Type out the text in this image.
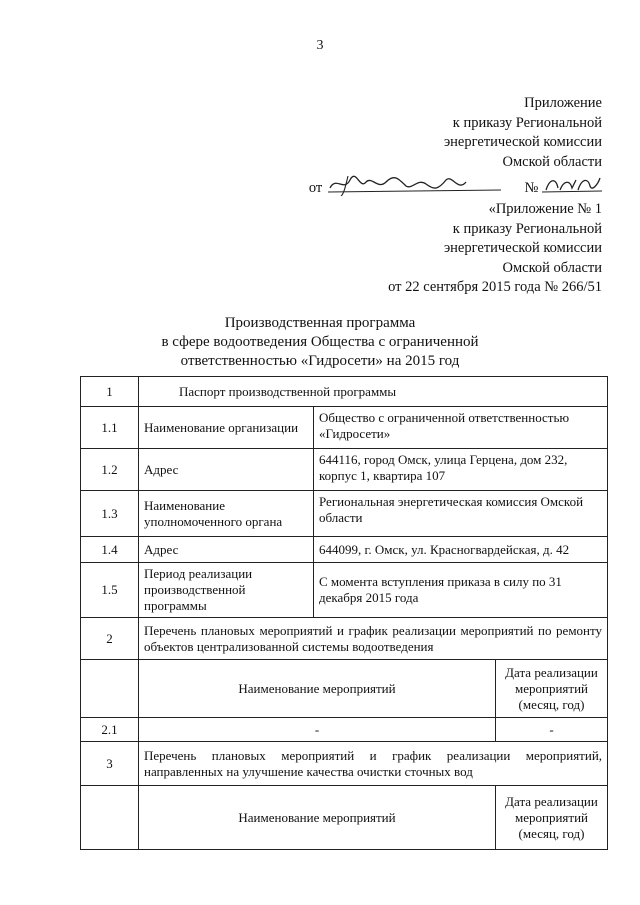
3
Приложение
к приказу Региональной
энергетической комиссии
Омской области
от	№
«Приложение № 1
к приказу Региональной
энергетической комиссии
Омской области
от 22 сентября 2015 года № 266/51
Производственная программа
в сфере водоотведения Общества с ограниченной
ответственностью «Гидросети» на 2015 год
1	Паспорт производственной программы		
1.1	Наименование организации	Общество с ограниченной ответственностью «Гидросети»	
1.2	Адрес	644116, город Омск, улица Герцена, дом 232, корпус 1, квартира 107	
1.3	Наименование уполномоченного органа	Региональная энергетическая комиссия Омской области	
1.4	Адрес	644099, г. Омск, ул. Красногвардейская, д. 42	
1.5	Период реализации производственной программы	С момента вступления приказа в силу по 31 декабря 2015 года	
2	Перечень плановых мероприятий и график реализации мероприятий по ремонту объектов централизованной системы водоотведения		
	Наименование мероприятий		Дата реализации мероприятий (месяц, год)
2.1	-		-
3	Перечень плановых мероприятий и график реализации мероприятий, направленных на улучшение качества очистки сточных вод		
	Наименование мероприятий		Дата реализации мероприятий (месяц, год)
